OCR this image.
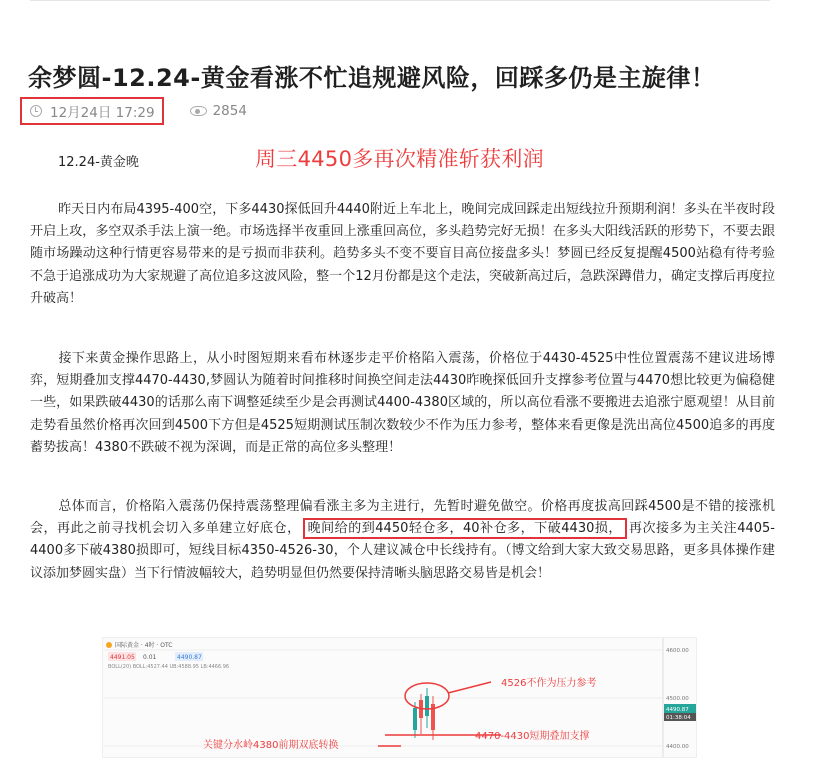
余梦圆-12.24-黄金看涨不忙追规避风险，回踩多仍是主旋律！
12月24日 17:29	2854
12.24-黄金晚	周三4450多再次精准斩获利润

昨天日内布局4395-400空，下多4430探低回升4440附近上车北上，晚间完成回踩走出短线拉升预期利润！多头在半夜时段开启上攻，多空双杀手法上演一绝。市场选择半夜重回上涨重回高位，多头趋势完好无损！在多头大阳线活跃的形势下，不要去跟随市场躁动这种行情更容易带来的是亏损而非获利。趋势多头不变不要盲目高位接盘多头！梦圆已经反复提醒4500站稳有待考验不急于追涨成功为大家规避了高位追多这波风险，整一个12月份都是这个走法，突破新高过后，急跌深蹲借力，确定支撑后再度拉升破高！

接下来黄金操作思路上，从小时图短期来看布林逐步走平价格陷入震荡，价格位于4430-4525中性位置震荡不建议进场博弈，短期叠加支撑4470-4430,梦圆认为随着时间推移时间换空间走法4430昨晚探低回升支撑参考位置与4470想比较更为偏稳健一些，如果跌破4430的话那么南下调整延续至少是会再测试4400-4380区域的，所以高位看涨不要搬进去追涨宁愿观望！从目前走势看虽然价格再次回到4500下方但是4525短期测试压制次数较少不作为压力参考，整体来看更像是洗出高位4500追多的再度蓄势拔高！4380不跌破不视为深调，而是正常的高位多头整理！

总体而言，价格陷入震荡仍保持震荡整理偏看涨主多为主进行，先暂时避免做空。价格再度拔高回踩4500是不错的接涨机会，再此之前寻找机会切入多单建立好底仓， 晚间给的到4450轻仓多，40补仓多，下破4430损， 再次接多为主关注4405-4400多下破4380损即可，短线目标4350-4526-30，个人建议减仓中长线持有。（博文给到大家大致交易思路，更多具体操作建议添加梦圆实盘）当下行情波幅较大，趋势明显但仍然要保持清晰头脑思路交易皆是机会！

国际黄金 · 4时 · OTC
4491.05 0.01	4490.87
BOLL(20) BOLL:4527.44 UB:4588.95 LB:4466.96
4600.00
4500.00
4400.00
4490.87
01:38:04
4526不作为压力参考
4470-4430短期叠加支撑
关键分水岭4380前期双底转换
